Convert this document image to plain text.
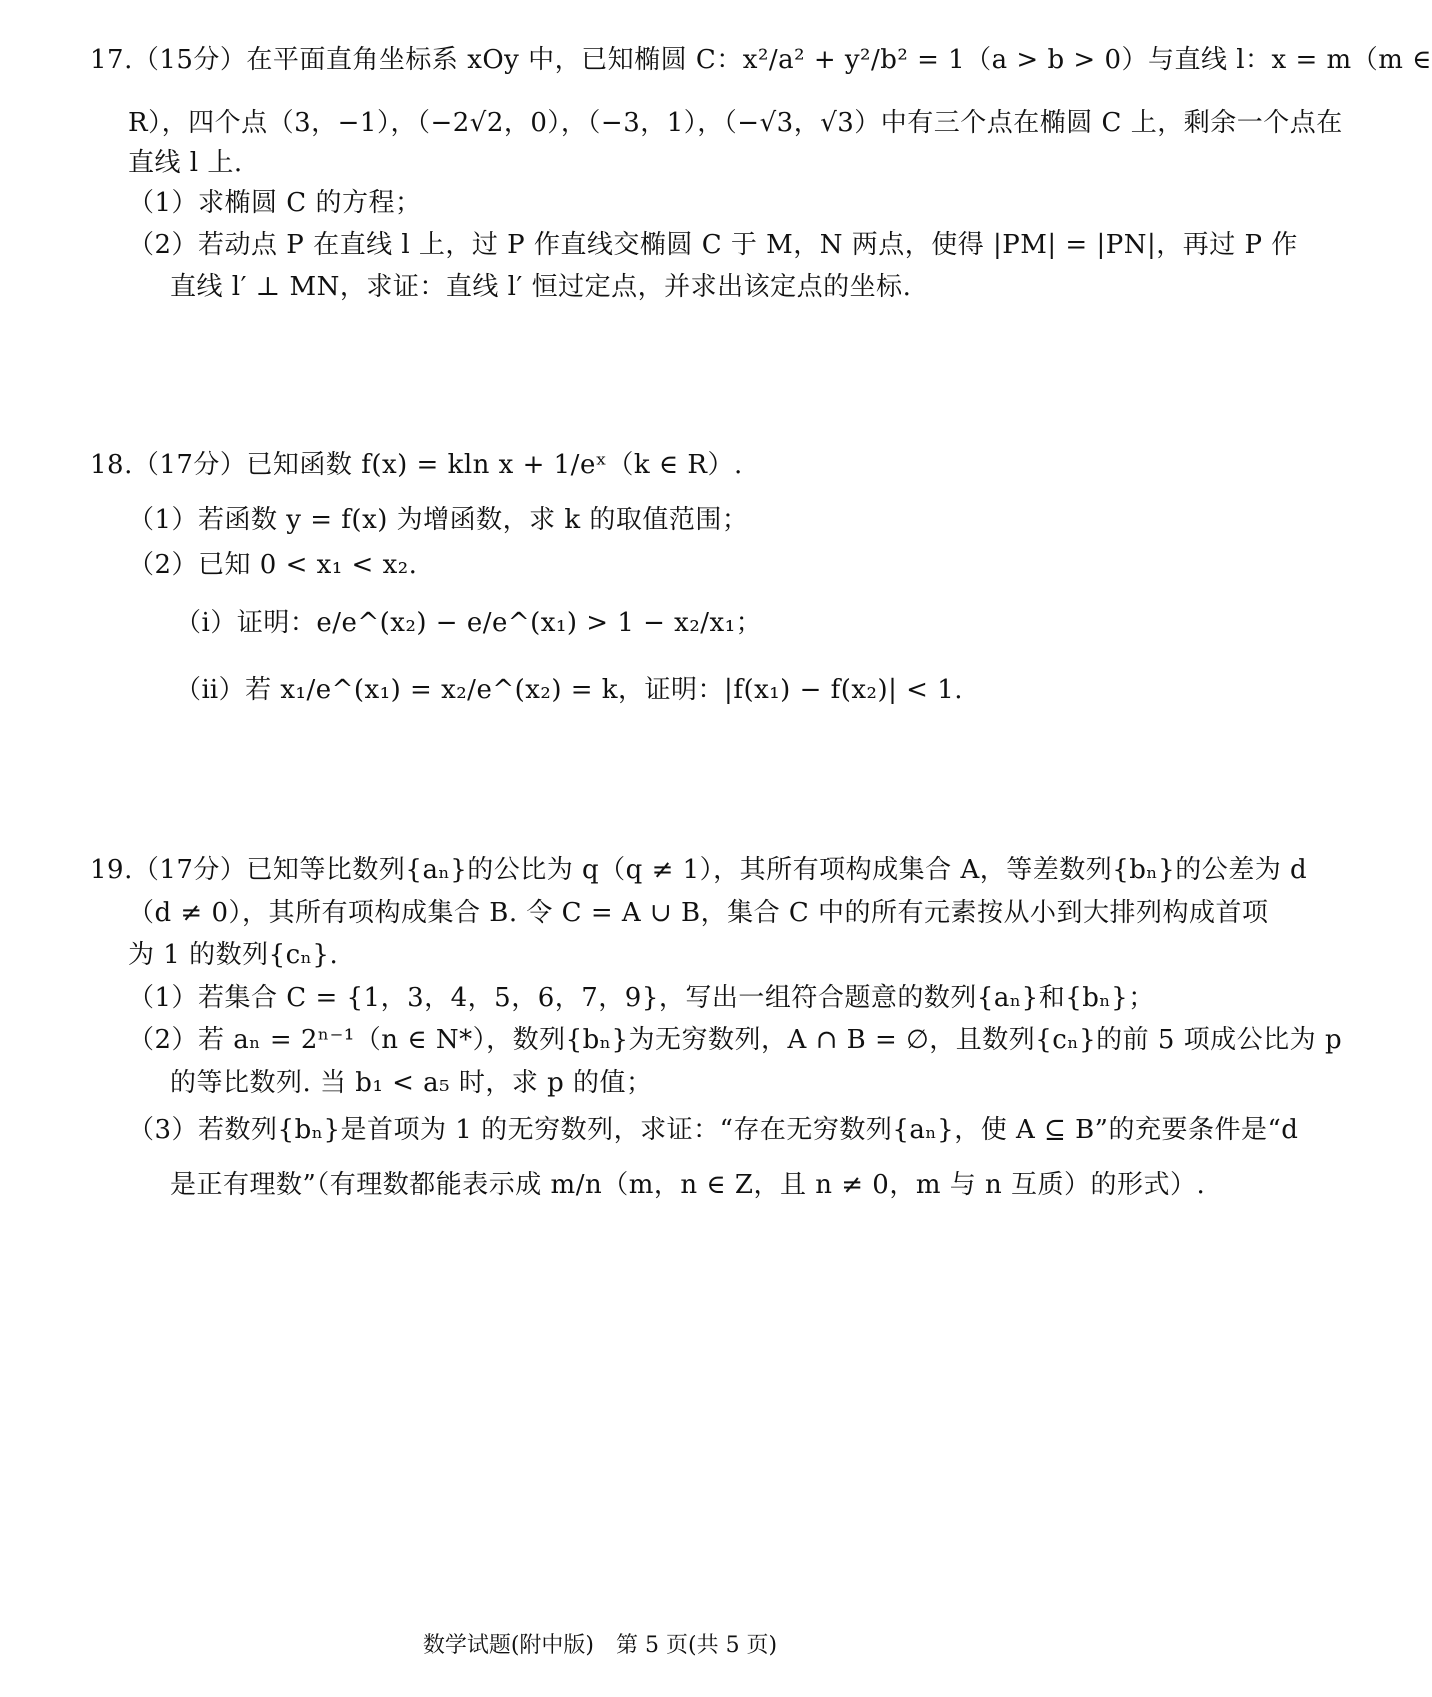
17.（15分）在平面直角坐标系 xOy 中，已知椭圆 C：x²/a² + y²/b² = 1（a > b > 0）与直线 l：x = m（m ∈
R），四个点（3，−1），（−2√2，0），（−3，1），（−√3，√3）中有三个点在椭圆 C 上，剩余一个点在
直线 l 上.
（1）求椭圆 C 的方程；
（2）若动点 P 在直线 l 上，过 P 作直线交椭圆 C 于 M，N 两点，使得 |PM| = |PN|，再过 P 作
直线 l′ ⊥ MN，求证：直线 l′ 恒过定点，并求出该定点的坐标.
18.（17分）已知函数 f(x) = kln x + 1/eˣ（k ∈ R）.
（1）若函数 y = f(x) 为增函数，求 k 的取值范围；
（2）已知 0 < x₁ < x₂.
（ⅰ）证明：e/e^(x₂) − e/e^(x₁) > 1 − x₂/x₁；
（ⅱ）若 x₁/e^(x₁) = x₂/e^(x₂) = k，证明：|f(x₁) − f(x₂)| < 1.
19.（17分）已知等比数列{aₙ}的公比为 q（q ≠ 1），其所有项构成集合 A，等差数列{bₙ}的公差为 d
（d ≠ 0），其所有项构成集合 B. 令 C = A ∪ B，集合 C 中的所有元素按从小到大排列构成首项
为 1 的数列{cₙ}.
（1）若集合 C = {1，3，4，5，6，7，9}，写出一组符合题意的数列{aₙ}和{bₙ}；
（2）若 aₙ = 2ⁿ⁻¹（n ∈ N*），数列{bₙ}为无穷数列，A ∩ B = ∅，且数列{cₙ}的前 5 项成公比为 p
的等比数列. 当 b₁ < a₅ 时，求 p 的值；
（3）若数列{bₙ}是首项为 1 的无穷数列，求证：“存在无穷数列{aₙ}，使 A ⊆ B”的充要条件是“d
是正有理数”（有理数都能表示成 m/n（m，n ∈ Z，且 n ≠ 0，m 与 n 互质）的形式）.
数学试题(附中版)　第 5 页(共 5 页)
